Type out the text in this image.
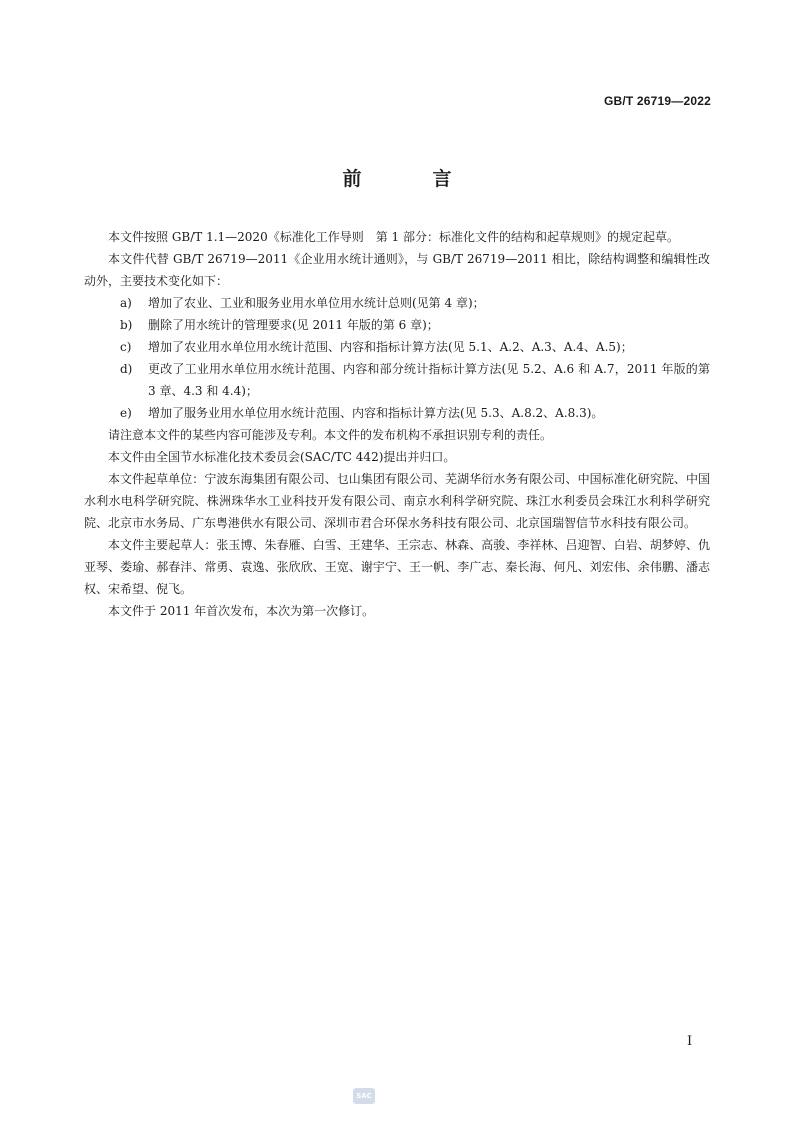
GB/T 26719—2022
前　言

本文件按照 GB/T 1.1—2020《标准化工作导则　第 1 部分：标准化文件的结构和起草规则》的规定起草。

本文件代替 GB/T 26719—2011《企业用水统计通则》，与 GB/T 26719—2011 相比，除结构调整和编辑性改动外，主要技术变化如下：

a) 增加了农业、工业和服务业用水单位用水统计总则(见第 4 章)；
b) 删除了用水统计的管理要求(见 2011 年版的第 6 章)；
c) 增加了农业用水单位用水统计范围、内容和指标计算方法(见 5.1、A.2、A.3、A.4、A.5)；
d) 更改了工业用水单位用水统计范围、内容和部分统计指标计算方法(见 5.2、A.6 和 A.7，2011 年版的第 3 章、4.3 和 4.4)；
e) 增加了服务业用水单位用水统计范围、内容和指标计算方法(见 5.3、A.8.2、A.8.3)。

请注意本文件的某些内容可能涉及专利。本文件的发布机构不承担识别专利的责任。

本文件由全国节水标准化技术委员会(SAC/TC 442)提出并归口。

本文件起草单位：宁波东海集团有限公司、乜山集团有限公司、芜湖华衍水务有限公司、中国标准化研究院、中国水利水电科学研究院、株洲珠华水工业科技开发有限公司、南京水利科学研究院、珠江水利委员会珠江水利科学研究院、北京市水务局、广东粤港供水有限公司、深圳市君合环保水务科技有限公司、北京国瑞智信节水科技有限公司。

本文件主要起草人：张玉博、朱春雁、白雪、王建华、王宗志、林森、高骏、李祥林、吕迎智、白岩、胡梦婷、仇亚琴、娄瑜、郝春沣、常勇、袁逸、张欣欣、王宽、谢宇宁、王一帆、李广志、秦长海、何凡、刘宏伟、余伟鹏、潘志权、宋希望、倪飞。

本文件于 2011 年首次发布，本次为第一次修订。

I
SAC
